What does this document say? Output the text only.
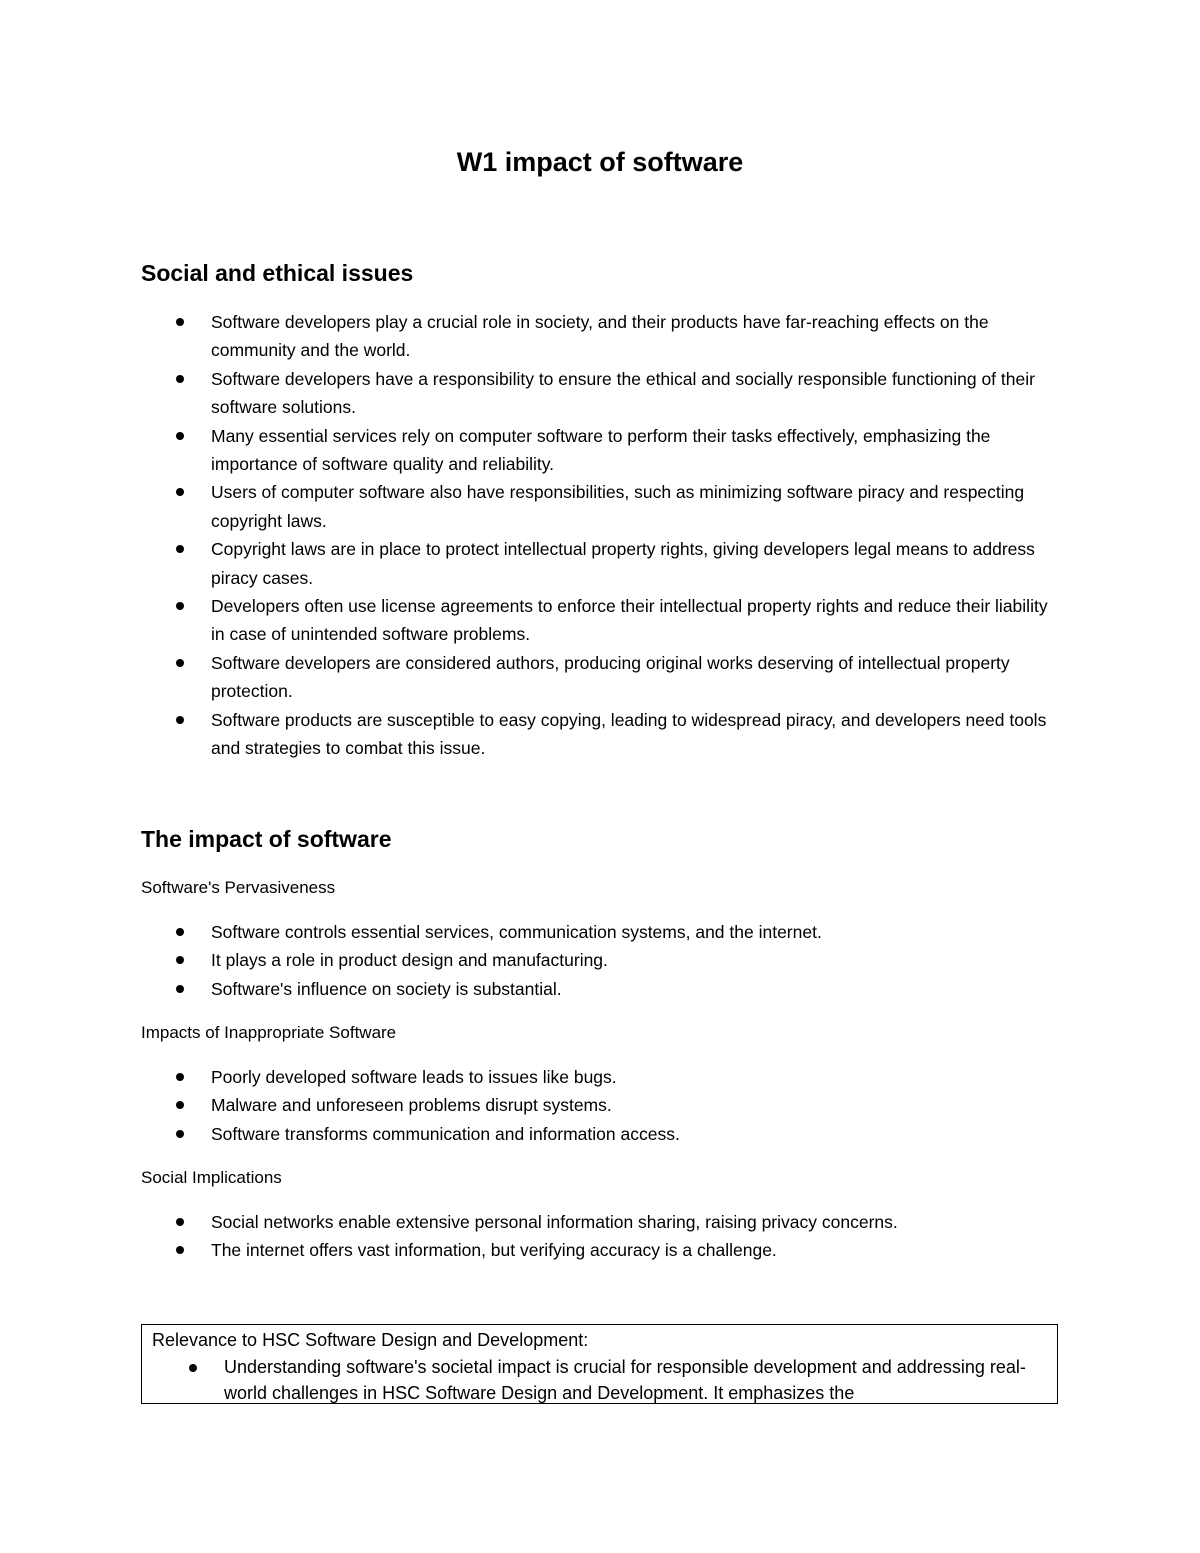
W1 impact of software
Social and ethical issues
Software developers play a crucial role in society, and their products have far-reaching effects on the community and the world.
Software developers have a responsibility to ensure the ethical and socially responsible functioning of their software solutions.
Many essential services rely on computer software to perform their tasks effectively, emphasizing the importance of software quality and reliability.
Users of computer software also have responsibilities, such as minimizing software piracy and respecting copyright laws.
Copyright laws are in place to protect intellectual property rights, giving developers legal means to address piracy cases.
Developers often use license agreements to enforce their intellectual property rights and reduce their liability in case of unintended software problems.
Software developers are considered authors, producing original works deserving of intellectual property protection.
Software products are susceptible to easy copying, leading to widespread piracy, and developers need tools and strategies to combat this issue.
The impact of software
Software's Pervasiveness
Software controls essential services, communication systems, and the internet.
It plays a role in product design and manufacturing.
Software's influence on society is substantial.
Impacts of Inappropriate Software
Poorly developed software leads to issues like bugs.
Malware and unforeseen problems disrupt systems.
Software transforms communication and information access.
Social Implications
Social networks enable extensive personal information sharing, raising privacy concerns.
The internet offers vast information, but verifying accuracy is a challenge.
Relevance to HSC Software Design and Development:
Understanding software's societal impact is crucial for responsible development and addressing real-world challenges in HSC Software Design and Development. It emphasizes the
